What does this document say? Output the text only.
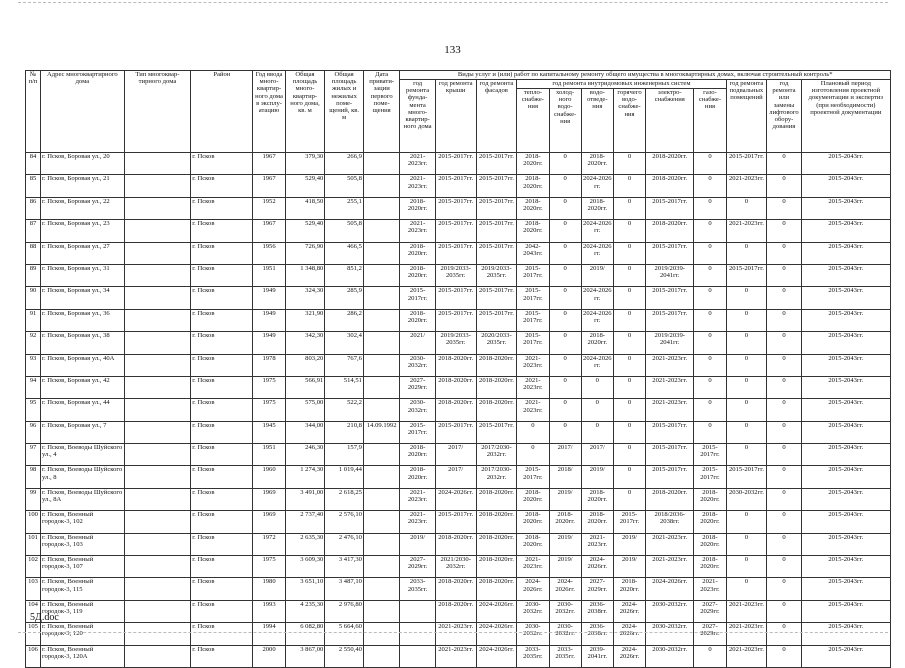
133
№ п/п	Адрес многоквартирного дома	Тип многоквар-тирного дома	Район	Год ввода много-квартир-ного дома в эксплу-атацию	Общая площадь много-квартир-ного дома, кв. м	Общая площадь жилых и нежилых поме-щений, кв. м	Дата привати-зации первого поме-щения	Виды услуг и (или) работ по капитальному ремонту общего имущества в многоквартирных домах, включая строительный контроль*											
								год ремонта фунда-мента много-квартир-ного дома	год ремонта крыши	год ремонта фасадов	год ремонта внутридомовых инженерных систем						год ремонта подвальных помещений	год ремонта или замены лифтового обору-дования	Плановый период изготовления проектной документации и экспертиз (при необходимости) проектной документации
											тепло-снабже-ния	холод-ного водо-снабже-ния	водо-отведе-ния	горячего водо-снабже-ния	электро-снабжения	газо-снабже-ния			
84	г. Псков, Боровая ул., 20		г. Псков	1967	379,30	266,9		2021-2023гг.	2015-2017гг.	2015-2017гг.	2018-2020гг.	0	2018-2020гг.	0	2018-2020гг.	0	2015-2017гг.	0	2015-2043гг.
85	г. Псков, Боровая ул., 21		г. Псков	1967	529,40	505,8		2021-2023гг.	2015-2017гг.	2015-2017гг.	2018-2020гг.	0	2024-2026 гг.	0	2018-2020гг.	0	2021-2023гг.	0	2015-2043гг.
86	г. Псков, Боровая ул., 22		г. Псков	1952	418,50	255,1		2018-2020гг.	2015-2017гг.	2015-2017гг.	2018-2020гг.	0	2018-2020гг.	0	2015-2017гг.	0	0	0	2015-2043гг.
87	г. Псков, Боровая ул., 23		г. Псков	1967	529,40	505,8		2021-2023гг.	2015-2017гг.	2015-2017гг.	2018-2020гг.	0	2024-2026 гг.	0	2018-2020гг.	0	2021-2023гг.	0	2015-2043гг.
88	г. Псков, Боровая ул., 27		г. Псков	1956	726,90	466,5		2018-2020гг.	2015-2017гг.	2015-2017гг.	2042-2043гг.	0	2024-2026 гг.	0	2015-2017гг.	0	0	0	2015-2043гг.
89	г. Псков, Боровая ул., 31		г. Псков	1951	1 348,80	851,2		2018-2020гг.	2019/2033-2035гг.	2019/2033-2035гг.	2015-2017гг.	0	2019/	0	2019/2039-2041гг.	0	2015-2017гг.	0	2015-2043гг.
90	г. Псков, Боровая ул., 34		г. Псков	1949	324,30	285,9		2015-2017гг.	2015-2017гг.	2015-2017гг.	2015-2017гг.	0	2024-2026 гг.	0	2015-2017гг.	0	0	0	2015-2043гг.
91	г. Псков, Боровая ул., 36		г. Псков	1949	321,90	286,2		2018-2020гг.	2015-2017гг.	2015-2017гг.	2015-2017гг.	0	2024-2026 гг.	0	2015-2017гг.	0	0	0	2015-2043гг.
92	г. Псков, Боровая ул., 38		г. Псков	1949	342,30	302,4		2021/	2019/2033-2035гг.	2020/2033-2035гг.	2015-2017гг.	0	2018-2020гг.	0	2019/2039-2041гг.	0	0	0	2015-2043гг.
93	г. Псков, Боровая ул., 40А		г. Псков	1978	803,20	767,6		2030-2032гг.	2018-2020гг.	2018-2020гг.	2021-2023гг.	0	2024-2026 гг.	0	2021-2023гг.	0	0	0	2015-2043гг.
94	г. Псков, Боровая ул., 42		г. Псков	1975	566,91	514,51		2027-2029гг.	2018-2020гг.	2018-2020гг.	2021-2023гг.	0	0	0	2021-2023гг.	0	0	0	2015-2043гг.
95	г. Псков, Боровая ул., 44		г. Псков	1975	575,00	522,2		2030-2032гг.	2018-2020гг.	2018-2020гг.	2021-2023гг.	0	0	0	2021-2023гг.	0	0	0	2015-2043гг.
96	г. Псков, Боровая ул., 7		г. Псков	1945	344,00	210,8	14.09.1992	2015-2017гг.	2015-2017гг.	2015-2017гг.	0	0	0	0	2015-2017гг.	0	0	0	2015-2043гг.
97	г. Псков, Воеводы Шуйского ул., 4		г. Псков	1951	246,30	157,9		2018-2020гг.	2017/	2017/2030-2032гг.	0	2017/	2017/	0	2015-2017гг.	2015-2017гг.	0	0	2015-2043гг.
98	г. Псков, Воеводы Шуйского ул., 8		г. Псков	1960	1 274,30	1 019,44		2018-2020гг.	2017/	2017/2030-2032гг.	2015-2017гг.	2018/	2019/	0	2015-2017гг.	2015-2017гг.	2015-2017гг.	0	2015-2043гг.
99	г. Псков, Воеводы Шуйского ул., 8А		г. Псков	1969	3 491,00	2 618,25		2021-2023гг.	2024-2026гг.	2018-2020гг.	2018-2020гг.	2019/	2018-2020гг.	0	2018-2020гг.	2018-2020гг.	2030-2032гг.	0	2015-2043гг.
100	г. Псков, Военный городок-3, 102		г. Псков	1969	2 737,40	2 576,10		2021-2023гг.	2015-2017гг.	2018-2020гг.	2018-2020гг.	2018-2020гг.	2018-2020гг.	2015-2017гг.	2018/2036-2038гг.	2018-2020гг.	0	0	2015-2043гг.
101	г. Псков, Военный городок-3, 103		г. Псков	1972	2 635,30	2 476,10		2019/	2018-2020гг.	2018-2020гг.	2018-2020гг.	2019/	2021-2023гг.	2019/	2021-2023гг.	2018-2020гг.	0	0	2015-2043гг.
102	г. Псков, Военный городок-3, 107		г. Псков	1975	3 609,30	3 417,30		2027-2029гг.	2021/2030-2032гг.	2018-2020гг.	2021-2023гг.	2019/	2024-2026гг.	2019/	2021-2023гг.	2018-2020гг.	0	0	2015-2043гг.
103	г. Псков, Военный городок-3, 115		г. Псков	1980	3 651,10	3 487,10		2033-2035гг.	2018-2020гг.	2018-2020гг.	2024-2026гг.	2024-2026гг.	2027-2029гг.	2018-2020гг.	2024-2026гг.	2021-2023гг.	0	0	2015-2043гг.
104	г. Псков, Военный городок-3, 119		г. Псков	1993	4 235,30	2 976,80			2018-2020гг.	2024-2026гг.	2030-2032гг.	2030-2032гг.	2036-2038гг.	2024-2026гг.	2030-2032гг.	2027-2029гг.	2021-2023гг.	0	2015-2043гг.
105	г. Псков, Военный городок-3, 120		г. Псков	1994	6 082,80	5 664,60			2021-2023гг.	2024-2026гг.	2030-2032гг.	2030-2032гг.	2036-2038гг.	2024-2026гг.	2030-2032гг.	2027-2029гг.	2021-2023гг.	0	2015-2043гг.
106	г. Псков, Военный городок-3, 120А		г. Псков	2000	3 867,00	2 550,40			2021-2023гг.	2024-2026гг.	2033-2035гг.	2033-2035гг.	2039-2041гг.	2024-2026гг.	2030-2032гг.	0	2021-2023гг.	0	2015-2043гг.
5Д.doc
